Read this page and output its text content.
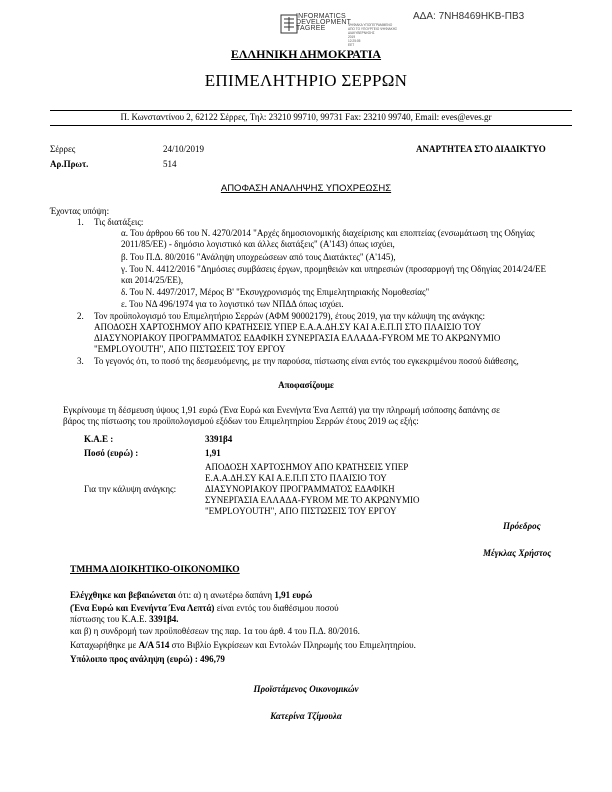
ΑΔΑ: 7ΝΗ8469ΗΚΒ-ΠΒ3
INFORMATICS
DEVELOPMENT
TAGREE	ΨΗΦΙΑΚΑ ΥΠΟΓΕΓΡΑΜΜΕΝΟ
ΑΠΟ ΤΟ ΥΠΟΥΡΓΕΙΟ ΨΗΦΙΑΚΗΣ
ΔΙΑΚΥΒΕΡΝΗΣΗΣ
2019
12:25:05
EET
ΕΛΛΗΝΙΚΗ ΔΗΜΟΚΡΑΤΙΑ
ΕΠΙΜΕΛΗΤΗΡΙΟ ΣΕΡΡΩΝ
Π. Κωνσταντίνου 2, 62122 Σέρρες, Τηλ: 23210 99710, 99731 Fax: 23210 99740, Email: eves@eves.gr
Σέρρες	24/10/2019	ΑΝΑΡΤΗΤΕΑ ΣΤΟ ΔΙΑΔΙΚΤΥΟ
Αρ.Πρωτ.	514
ΑΠΟΦΑΣΗ ΑΝΑΛΗΨΗΣ ΥΠΟΧΡΕΩΣΗΣ
Έχοντας υπόψη:
1. Τις διατάξεις:
α. Του άρθρου 66 του Ν. 4270/2014 "Αρχές δημοσιονομικής διαχείρισης και εποπτείας (ενσωμάτωση της Οδηγίας
2011/85/ΕΕ) - δημόσιο λογιστικό και άλλες διατάξεις" (Α'143) όπως ισχύει,
β. Του Π.Δ. 80/2016 "Ανάληψη υποχρεώσεων από τους Διατάκτες" (Α'145),
γ. Του Ν. 4412/2016 "Δημόσιες συμβάσεις έργων, προμηθειών και υπηρεσιών (προσαρμογή της Οδηγίας 2014/24/ΕΕ
και 2014/25/ΕΕ),
δ. Του Ν. 4497/2017, Μέρος Β' "Εκσυγχρονισμός της Επιμελητηριακής Νομοθεσίας"
ε. Του ΝΔ 496/1974 για το λογιστικό των ΝΠΔΔ όπως ισχύει.
2. Τον προϋπολογισμό του Επιμελητήριο Σερρών (ΑΦΜ 90002179), έτους 2019, για την κάλυψη της ανάγκης:
ΑΠΟΔΟΣΗ ΧΑΡΤΟΣΗΜΟΥ ΑΠΟ ΚΡΑΤΗΣΕΙΣ ΥΠΕΡ Ε.Α.Α.ΔΗ.ΣΥ ΚΑΙ Α.Ε.Π.Π ΣΤΟ ΠΛΑΙΣΙΟ ΤΟΥ
ΔΙΑΣΥΝΟΡΙΑΚΟΥ ΠΡΟΓΡΑΜΜΑΤΟΣ ΕΔΑΦΙΚΗ ΣΥΝΕΡΓΑΣΙΑ ΕΛΛΑΔΑ-FYROM ΜΕ ΤΟ ΑΚΡΩΝΥΜΙΟ
"EMPLOYOUTH", ΑΠΟ ΠΙΣΤΩΣΕΙΣ ΤΟΥ ΕΡΓΟΥ
3. Το γεγονός ότι, το ποσό της δεσμευόμενης, με την παρούσα, πίστωσης είναι εντός του εγκεκριμένου ποσού διάθεσης,
Αποφασίζουμε
Εγκρίνουμε τη δέσμευση ύψους 1,91 ευρώ (Ένα Ευρώ και Ενενήντα Ένα Λεπτά) για την πληρωμή ισόποσης δαπάνης σε
βάρος της πίστωσης του προϋπολογισμού εξόδων του Επιμελητηρίου Σερρών έτους 2019 ως εξής:
Κ.Α.Ε :	3391β4
Ποσό (ευρώ) :	1,91
Για την κάλυψη ανάγκης:
ΑΠΟΔΟΣΗ ΧΑΡΤΟΣΗΜΟΥ ΑΠΟ ΚΡΑΤΗΣΕΙΣ ΥΠΕΡ
Ε.Α.Α.ΔΗ.ΣΥ ΚΑΙ Α.Ε.Π.Π ΣΤΟ ΠΛΑΙΣΙΟ ΤΟΥ
ΔΙΑΣΥΝΟΡΙΑΚΟΥ ΠΡΟΓΡΑΜΜΑΤΟΣ ΕΔΑΦΙΚΗ
ΣΥΝΕΡΓΑΣΙΑ ΕΛΛΑΔΑ-FYROM ΜΕ ΤΟ ΑΚΡΩΝΥΜΙΟ
"EMPLOYOUTH", ΑΠΟ ΠΙΣΤΩΣΕΙΣ ΤΟΥ ΕΡΓΟΥ
Πρόεδρος
Μέγκλας Χρήστος
ΤΜΗΜΑ ΔΙΟΙΚΗΤΙΚΟ-ΟΙΚΟΝΟΜΙΚΟ
Ελέγχθηκε και βεβαιώνεται ότι: α) η ανωτέρω δαπάνη 1,91 ευρώ
(Ένα Ευρώ και Ενενήντα Ένα Λεπτά) είναι εντός του διαθέσιμου ποσού
πίστωσης του Κ.Α.Ε. 3391β4.
και β) η συνδρομή των προϋποθέσεων της παρ. 1α του άρθ. 4 του Π.Δ. 80/2016.
Καταχωρήθηκε με Α/Α 514 στο Βιβλίο Εγκρίσεων και Εντολών Πληρωμής του Επιμελητηρίου.
Υπόλοιπο προς ανάληψη (ευρώ) : 496,79
Προϊστάμενος Οικονομικών
Κατερίνα Τζίμουλα
